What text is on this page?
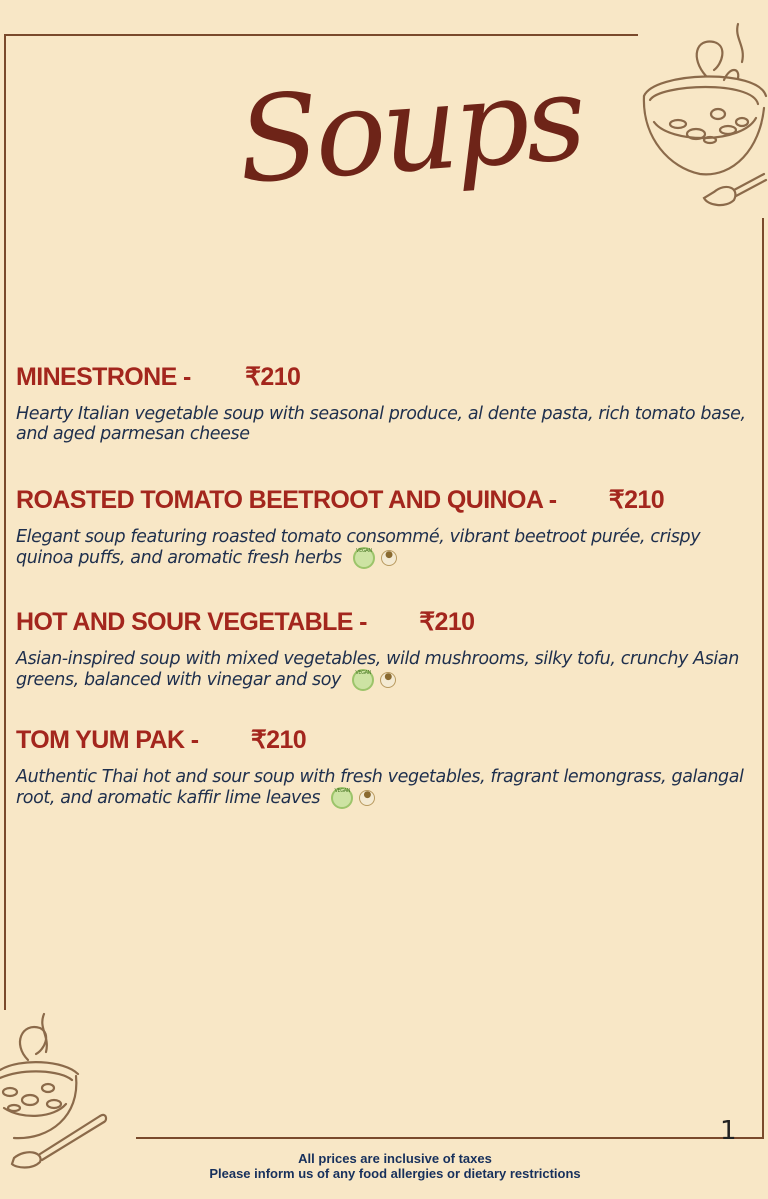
Soups
MINESTRONE - ₹210
Hearty Italian vegetable soup with seasonal produce, al dente pasta, rich tomato base, and aged parmesan cheese
ROASTED TOMATO BEETROOT AND QUINOA - ₹210
Elegant soup featuring roasted tomato consommé, vibrant beetroot purée, crispy quinoa puffs, and aromatic fresh herbs	VEGAN ●
HOT AND SOUR VEGETABLE - ₹210
Asian-inspired soup with mixed vegetables, wild mushrooms, silky tofu, crunchy Asian greens, balanced with vinegar and soy	VEGAN ●
TOM YUM PAK - ₹210
Authentic Thai hot and sour soup with fresh vegetables, fragrant lemongrass, galangal root, and aromatic kaffir lime leaves	VEGAN ●
1
All prices are inclusive of taxes
Please inform us of any food allergies or dietary restrictions
